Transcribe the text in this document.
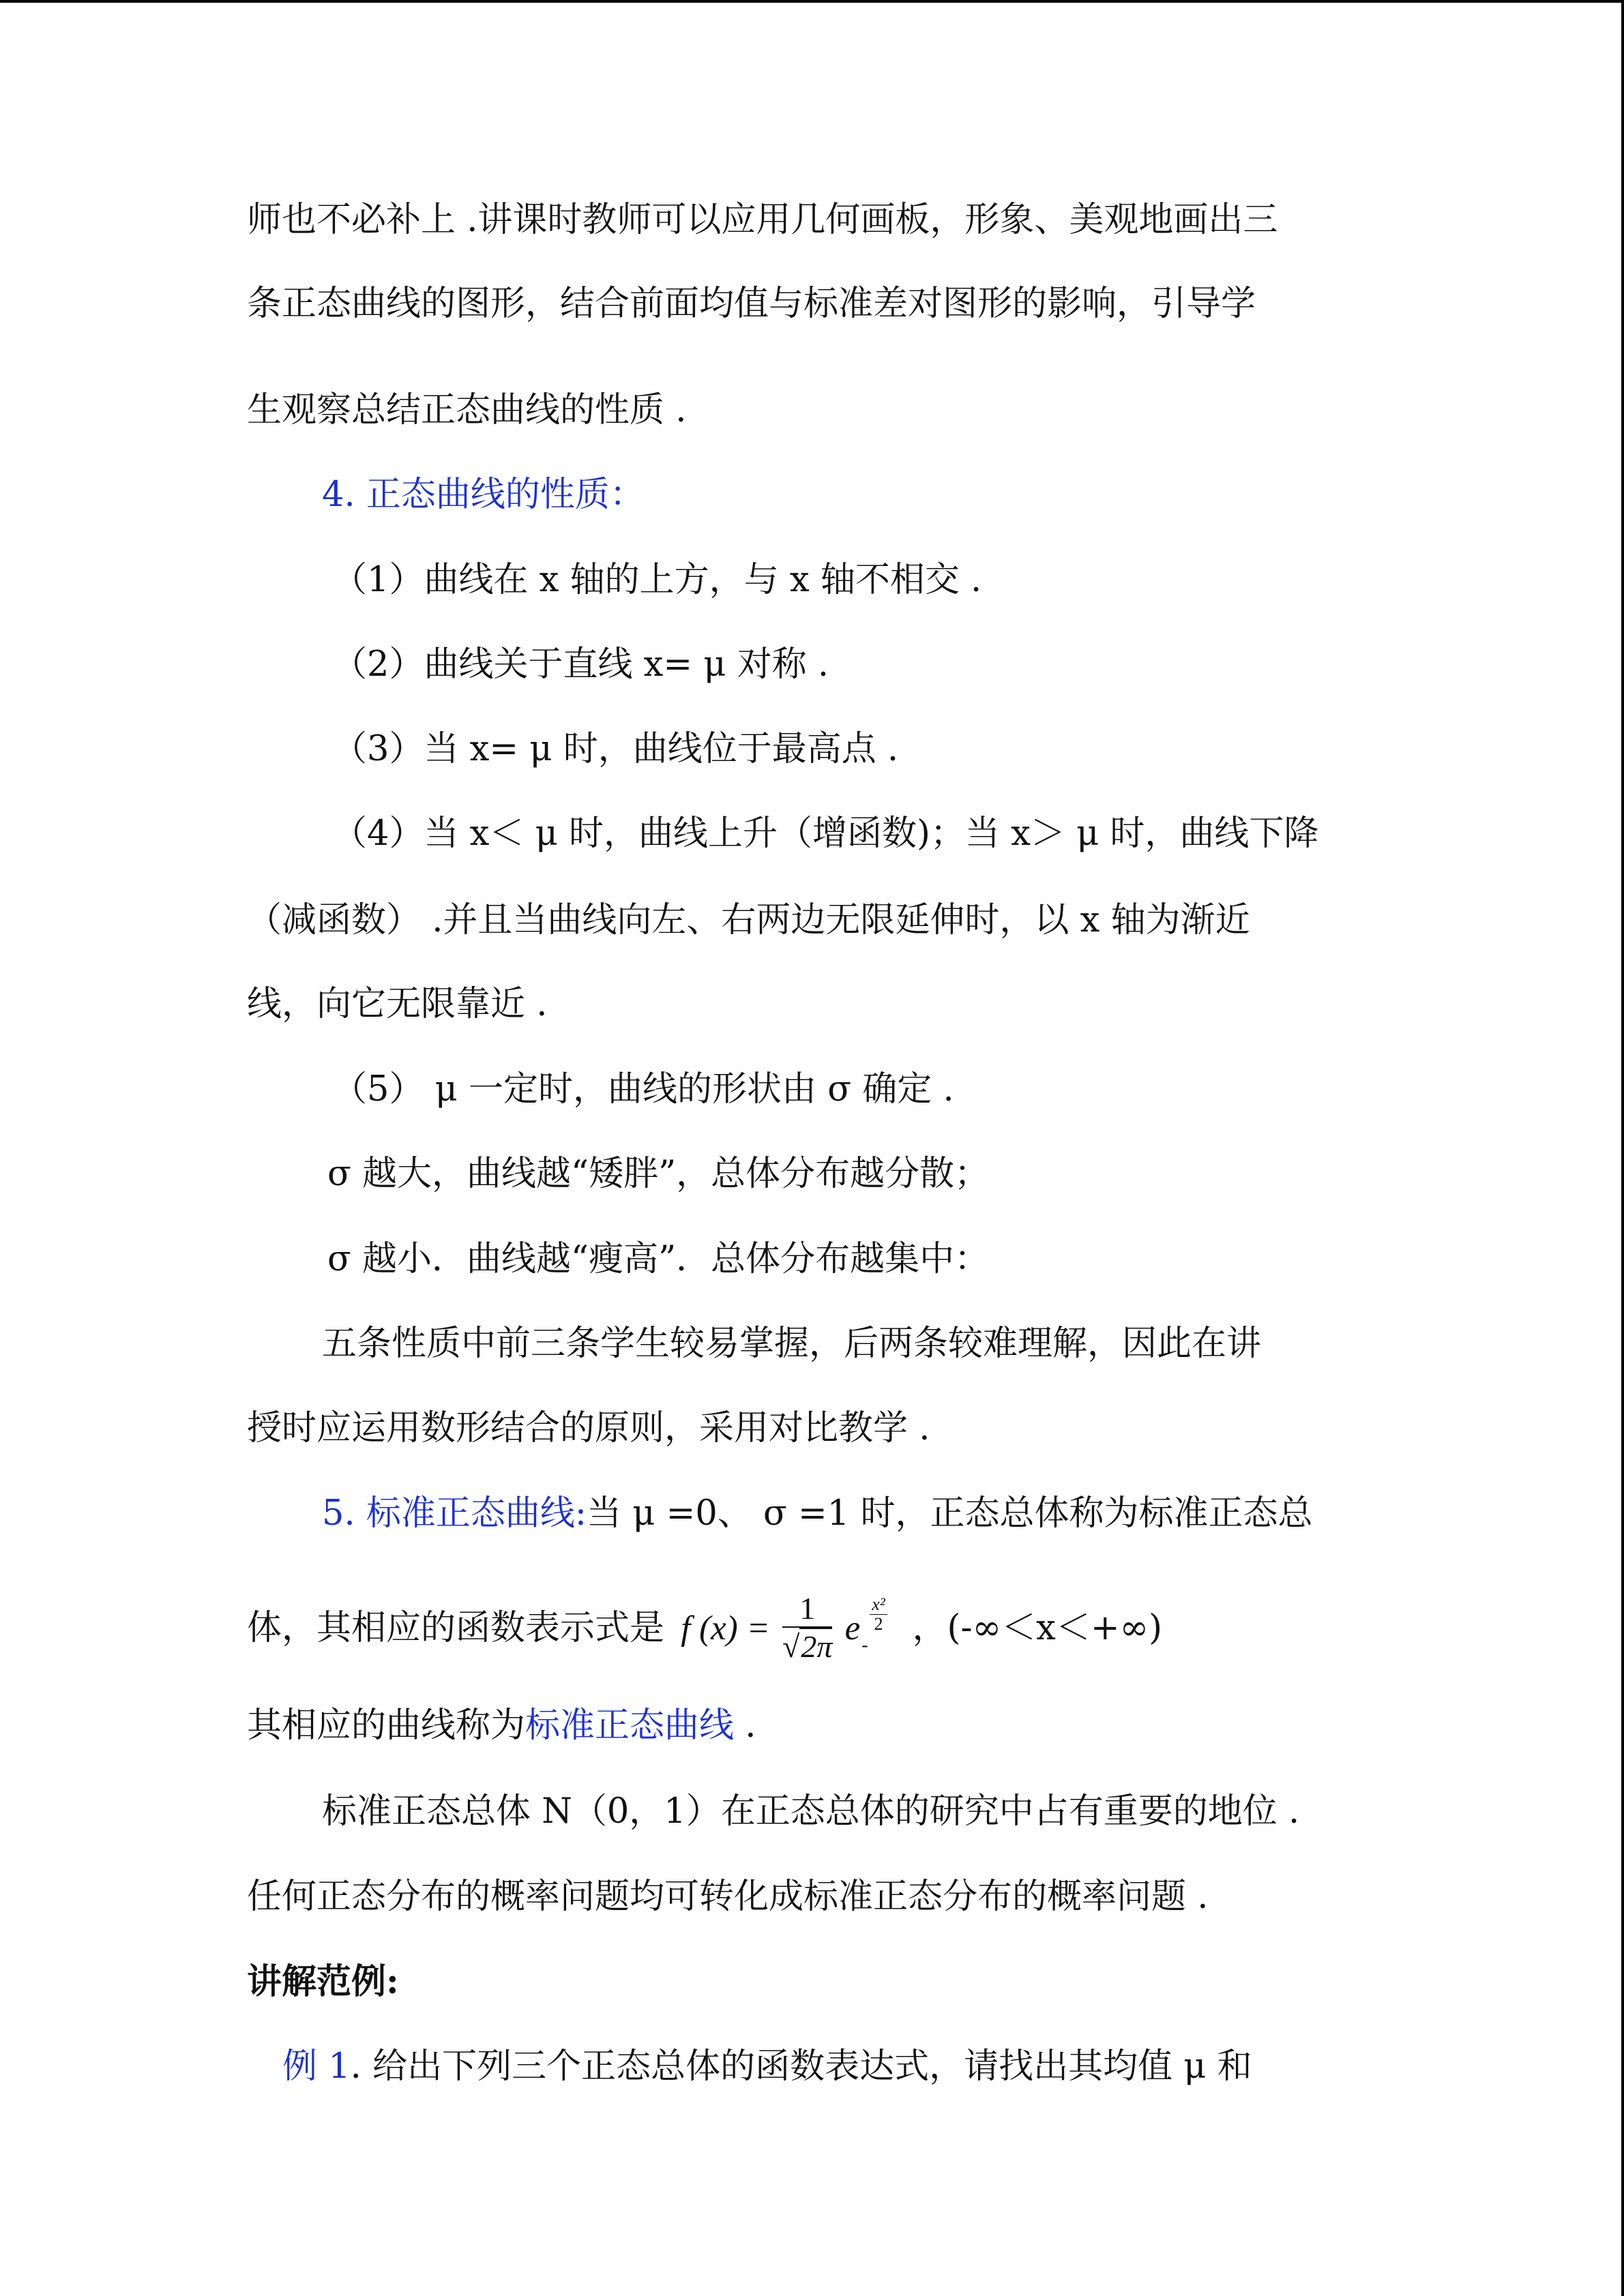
师也不必补上 .讲课时教师可以应用几何画板，形象、美观地画出三
条正态曲线的图形，结合前面均值与标准差对图形的影响，引导学
生观察总结正态曲线的性质 .
4. 正态曲线的性质：
（1）曲线在 x 轴的上方，与 x 轴不相交 .
（2）曲线关于直线 x= μ 对称 .
（3）当 x= μ 时，曲线位于最高点 .
（4）当 x＜ μ 时，曲线上升（增函数)；当 x＞ μ 时，曲线下降
（减函数） .并且当曲线向左、右两边无限延伸时，以 x 轴为渐近
线，向它无限靠近 .
（5） μ 一定时，曲线的形状由 σ 确定 .
σ 越大，曲线越“矮胖”，总体分布越分散；
σ 越小．曲线越“瘦高”．总体分布越集中：
五条性质中前三条学生较易掌握，后两条较难理解，因此在讲
授时应运用数形结合的原则，采用对比教学 .
5. 标准正态曲线:当 μ =0、 σ =1 时，正态总体称为标准正态总
体，其相应的函数表示式是 f $(x) = \frac{1}{√2\pi}$ e -
$\frac{\text{x²}}{2}$ ，(-∞＜x＜+∞)
其相应的曲线称为标准正态曲线 .
标准正态总体 N（0，1）在正态总体的研究中占有重要的地位 .
任何正态分布的概率问题均可转化成标准正态分布的概率问题 .
讲解范例:
例 1. 给出下列三个正态总体的函数表达式，请找出其均值 μ 和
